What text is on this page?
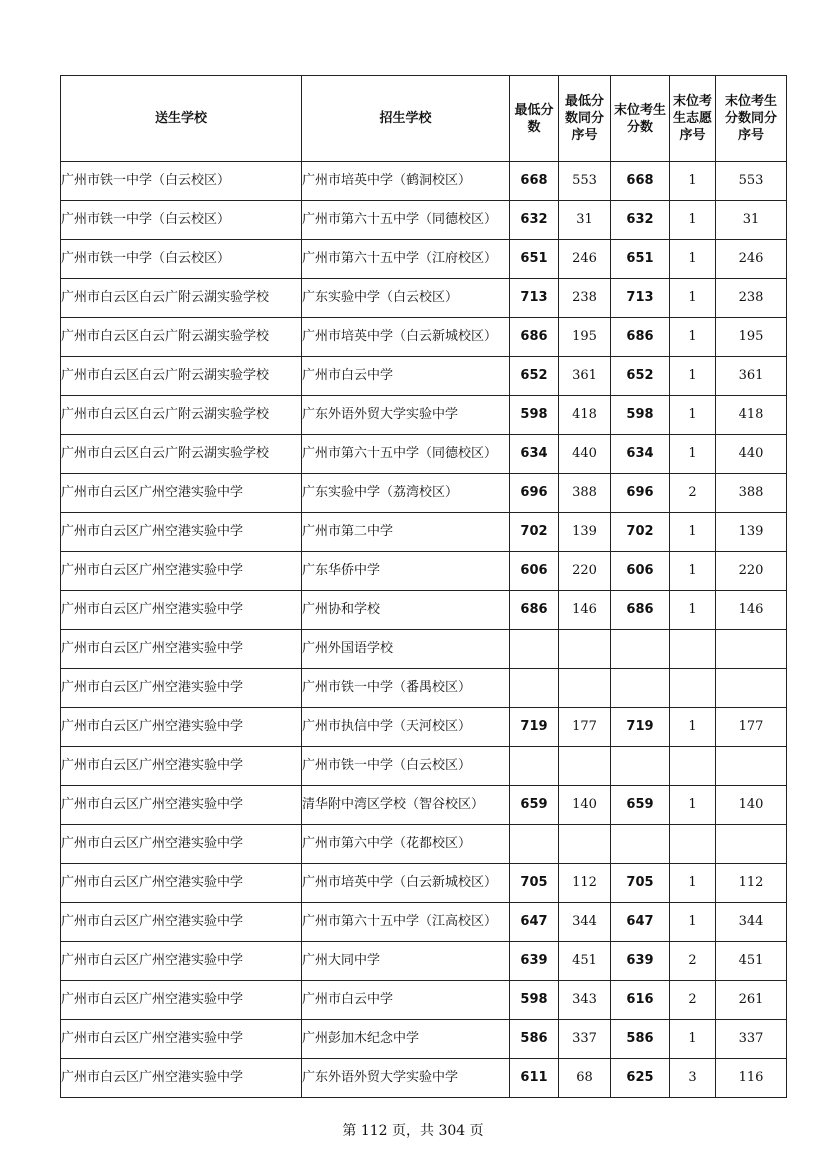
送生学校	招生学校	最低分数	最低分数同分序号	末位考生分数	末位考生志愿序号	末位考生分数同分序号
广州市铁一中学（白云校区）	广州市培英中学（鹤洞校区）	668	553	668	1	553
广州市铁一中学（白云校区）	广州市第六十五中学（同德校区）	632	31	632	1	31
广州市铁一中学（白云校区）	广州市第六十五中学（江府校区）	651	246	651	1	246
广州市白云区白云广附云湖实验学校	广东实验中学（白云校区）	713	238	713	1	238
广州市白云区白云广附云湖实验学校	广州市培英中学（白云新城校区）	686	195	686	1	195
广州市白云区白云广附云湖实验学校	广州市白云中学	652	361	652	1	361
广州市白云区白云广附云湖实验学校	广东外语外贸大学实验中学	598	418	598	1	418
广州市白云区白云广附云湖实验学校	广州市第六十五中学（同德校区）	634	440	634	1	440
广州市白云区广州空港实验中学	广东实验中学（荔湾校区）	696	388	696	2	388
广州市白云区广州空港实验中学	广州市第二中学	702	139	702	1	139
广州市白云区广州空港实验中学	广东华侨中学	606	220	606	1	220
广州市白云区广州空港实验中学	广州协和学校	686	146	686	1	146
广州市白云区广州空港实验中学	广州外国语学校					
广州市白云区广州空港实验中学	广州市铁一中学（番禺校区）					
广州市白云区广州空港实验中学	广州市执信中学（天河校区）	719	177	719	1	177
广州市白云区广州空港实验中学	广州市铁一中学（白云校区）					
广州市白云区广州空港实验中学	清华附中湾区学校（智谷校区）	659	140	659	1	140
广州市白云区广州空港实验中学	广州市第六中学（花都校区）					
广州市白云区广州空港实验中学	广州市培英中学（白云新城校区）	705	112	705	1	112
广州市白云区广州空港实验中学	广州市第六十五中学（江高校区）	647	344	647	1	344
广州市白云区广州空港实验中学	广州大同中学	639	451	639	2	451
广州市白云区广州空港实验中学	广州市白云中学	598	343	616	2	261
广州市白云区广州空港实验中学	广州彭加木纪念中学	586	337	586	1	337
广州市白云区广州空港实验中学	广东外语外贸大学实验中学	611	68	625	3	116
第 112 页，共 304 页
